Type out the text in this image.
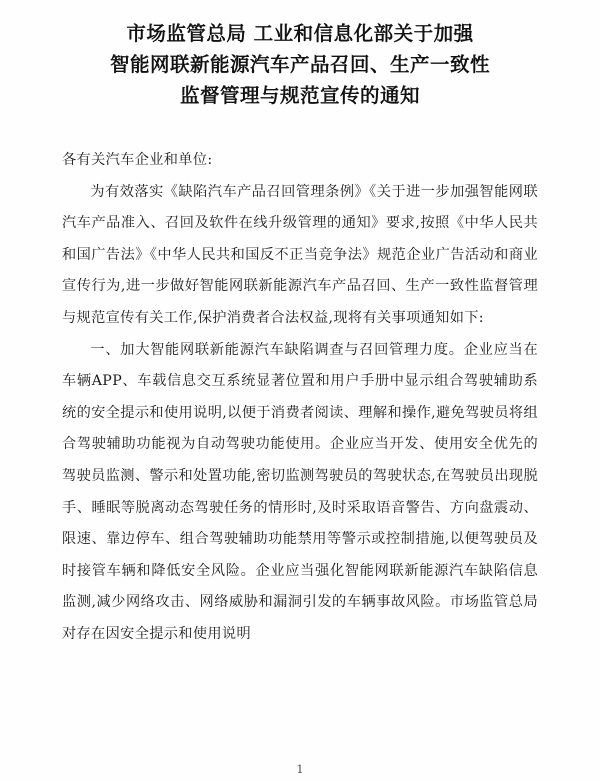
市场监管总局 工业和信息化部关于加强
智能网联新能源汽车产品召回、生产一致性
监督管理与规范宣传的通知

各有关汽车企业和单位:

为有效落实《缺陷汽车产品召回管理条例》《关于进一步加强智能网联汽车产品准入、召回及软件在线升级管理的通知》要求,按照《中华人民共和国广告法》《中华人民共和国反不正当竞争法》规范企业广告活动和商业宣传行为,进一步做好智能网联新能源汽车产品召回、生产一致性监督管理与规范宣传有关工作,保护消费者合法权益,现将有关事项通知如下:

一、加大智能网联新能源汽车缺陷调查与召回管理力度。企业应当在车辆APP、车载信息交互系统显著位置和用户手册中显示组合驾驶辅助系统的安全提示和使用说明,以便于消费者阅读、理解和操作,避免驾驶员将组合驾驶辅助功能视为自动驾驶功能使用。企业应当开发、使用安全优先的驾驶员监测、警示和处置功能,密切监测驾驶员的驾驶状态,在驾驶员出现脱手、睡眠等脱离动态驾驶任务的情形时,及时采取语音警告、方向盘震动、限速、靠边停车、组合驾驶辅助功能禁用等警示或控制措施,以便驾驶员及时接管车辆和降低安全风险。企业应当强化智能网联新能源汽车缺陷信息监测,减少网络攻击、网络威胁和漏洞引发的车辆事故风险。市场监管总局对存在因安全提示和使用说明

1
